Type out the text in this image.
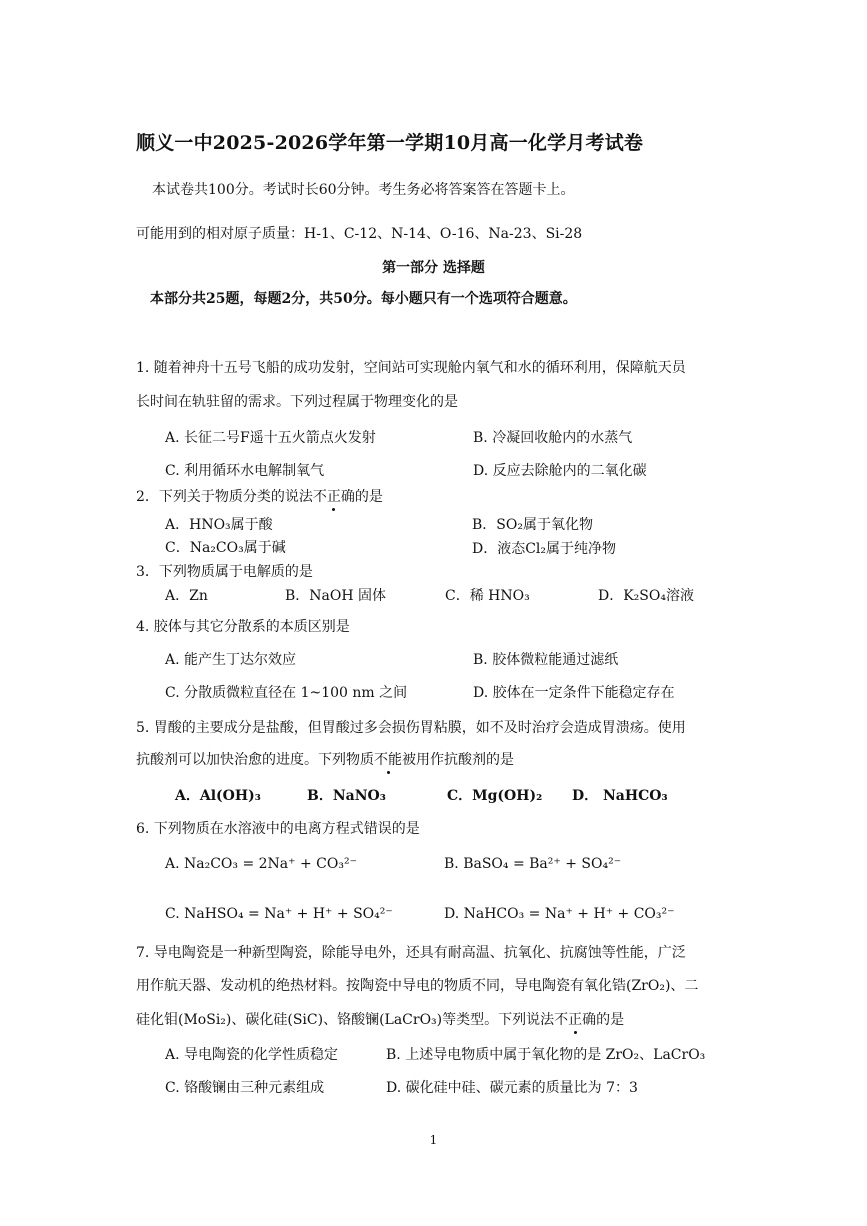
顺义一中2025-2026学年第一学期10月高一化学月考试卷
本试卷共100分。考试时长60分钟。考生务必将答案答在答题卡上。
可能用到的相对原子质量：H-1、C-12、N-14、O-16、Na-23、Si-28
第一部分 选择题
本部分共25题，每题2分，共50分。每小题只有一个选项符合题意。
1. 随着神舟十五号飞船的成功发射，空间站可实现舱内氧气和水的循环利用，保障航天员
长时间在轨驻留的需求。下列过程属于物理变化的是
A. 长征二号F遥十五火箭点火发射	B. 冷凝回收舱内的水蒸气
C. 利用循环水电解制氧气	D. 反应去除舱内的二氧化碳
2．下列关于物质分类的说法不正确的是
A．HNO₃属于酸	B．SO₂属于氧化物
C．Na₂CO₃属于碱	D．液态Cl₂属于纯净物
3．下列物质属于电解质的是
A．Zn	B．NaOH 固体	C．稀 HNO₃	D．K₂SO₄溶液
4. 胶体与其它分散系的本质区别是
A. 能产生丁达尔效应	B. 胶体微粒能通过滤纸
C. 分散质微粒直径在 1~100 nm 之间	D. 胶体在一定条件下能稳定存在
5. 胃酸的主要成分是盐酸，但胃酸过多会损伤胃粘膜，如不及时治疗会造成胃溃疡。使用
抗酸剂可以加快治愈的进度。下列物质不能被用作抗酸剂的是
A．Al(OH)₃	B．NaNO₃	C．Mg(OH)₂ D． NaHCO₃
6. 下列物质在水溶液中的电离方程式错误的是
A. Na₂CO₃ = 2Na⁺ + CO₃²⁻	B. BaSO₄ = Ba²⁺ + SO₄²⁻
C. NaHSO₄ = Na⁺ + H⁺ + SO₄²⁻	D. NaHCO₃ = Na⁺ + H⁺ + CO₃²⁻
7. 导电陶瓷是一种新型陶瓷，除能导电外，还具有耐高温、抗氧化、抗腐蚀等性能，广泛
用作航天器、发动机的绝热材料。按陶瓷中导电的物质不同，导电陶瓷有氧化锆(ZrO₂)、二
硅化钼(MoSi₂)、碳化硅(SiC)、铬酸镧(LaCrO₃)等类型。下列说法不正确的是
A. 导电陶瓷的化学性质稳定	B. 上述导电物质中属于氧化物的是 ZrO₂、LaCrO₃
C. 铬酸镧由三种元素组成	D. 碳化硅中硅、碳元素的质量比为 7：3
1
